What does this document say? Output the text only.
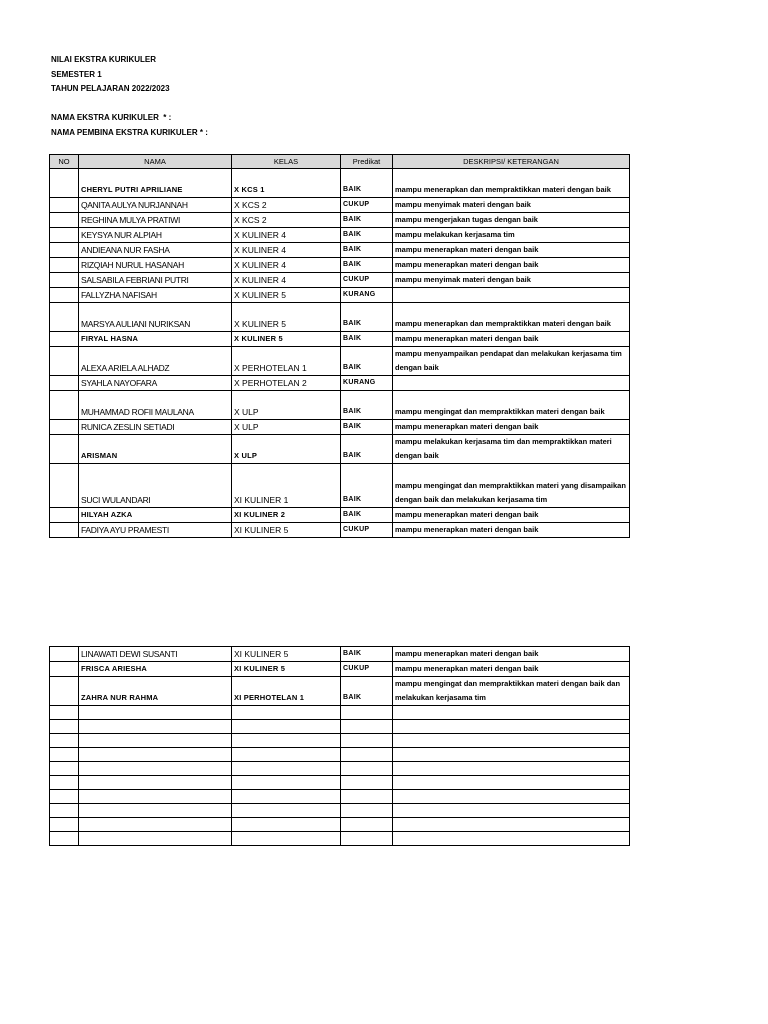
NILAI EKSTRA KURIKULER
SEMESTER 1
TAHUN PELAJARAN 2022/2023
NAMA EKSTRA KURIKULER  * :
NAMA PEMBINA EKSTRA KURIKULER * :
NO	NAMA	KELAS	Predikat	DESKRIPSI/ KETERANGAN
	CHERYL PUTRI APRILIANE	X KCS 1	BAIK	mampu menerapkan dan mempraktikkan materi dengan baik
	QANITA AULYA NURJANNAH	X KCS 2	CUKUP	mampu menyimak materi dengan baik
	REGHINA MULYA PRATIWI	X KCS 2	BAIK	mampu mengerjakan tugas dengan baik
	KEYSYA NUR ALPIAH	X KULINER 4	BAIK	mampu melakukan kerjasama tim
	ANDIEANA NUR FASHA	X KULINER 4	BAIK	mampu menerapkan materi dengan baik
	RIZQIAH NURUL HASANAH	X KULINER 4	BAIK	mampu menerapkan materi dengan baik
	SALSABILA FEBRIANI PUTRI	X KULINER 4	CUKUP	mampu menyimak materi dengan baik
	FALLYZHA NAFISAH	X KULINER 5	KURANG	
	MARSYA AULIANI NURIKSAN	X KULINER 5	BAIK	mampu menerapkan dan mempraktikkan materi dengan baik
	FIRYAL HASNA	X KULINER 5	BAIK	mampu menerapkan materi dengan baik
	ALEXA ARIELA ALHADZ	X PERHOTELAN 1	BAIK	mampu menyampaikan pendapat dan melakukan kerjasama tim dengan baik
	SYAHLA NAYOFARA	X PERHOTELAN 2	KURANG	
	MUHAMMAD ROFII MAULANA	X ULP	BAIK	mampu mengingat dan mempraktikkan materi dengan baik
	RUNICA ZESLIN SETIADI	X ULP	BAIK	mampu menerapkan materi dengan baik
	ARISMAN	X ULP	BAIK	mampu melakukan kerjasama tim dan mempraktikkan materi dengan baik
	SUCI WULANDARI	XI KULINER 1	BAIK	mampu mengingat dan mempraktikkan materi yang disampaikan dengan baik dan melakukan kerjasama tim
	HILYAH AZKA	XI KULINER 2	BAIK	mampu menerapkan materi dengan baik
	FADIYA AYU PRAMESTI	XI KULINER 5	CUKUP	mampu menerapkan materi dengan baik
	LINAWATI DEWI SUSANTI	XI KULINER 5	BAIK	mampu menerapkan materi dengan baik
	FRISCA ARIESHA	XI KULINER 5	CUKUP	mampu menerapkan materi dengan baik
	ZAHRA NUR RAHMA	XI PERHOTELAN 1	BAIK	mampu mengingat dan mempraktikkan materi dengan baik dan melakukan kerjasama tim
